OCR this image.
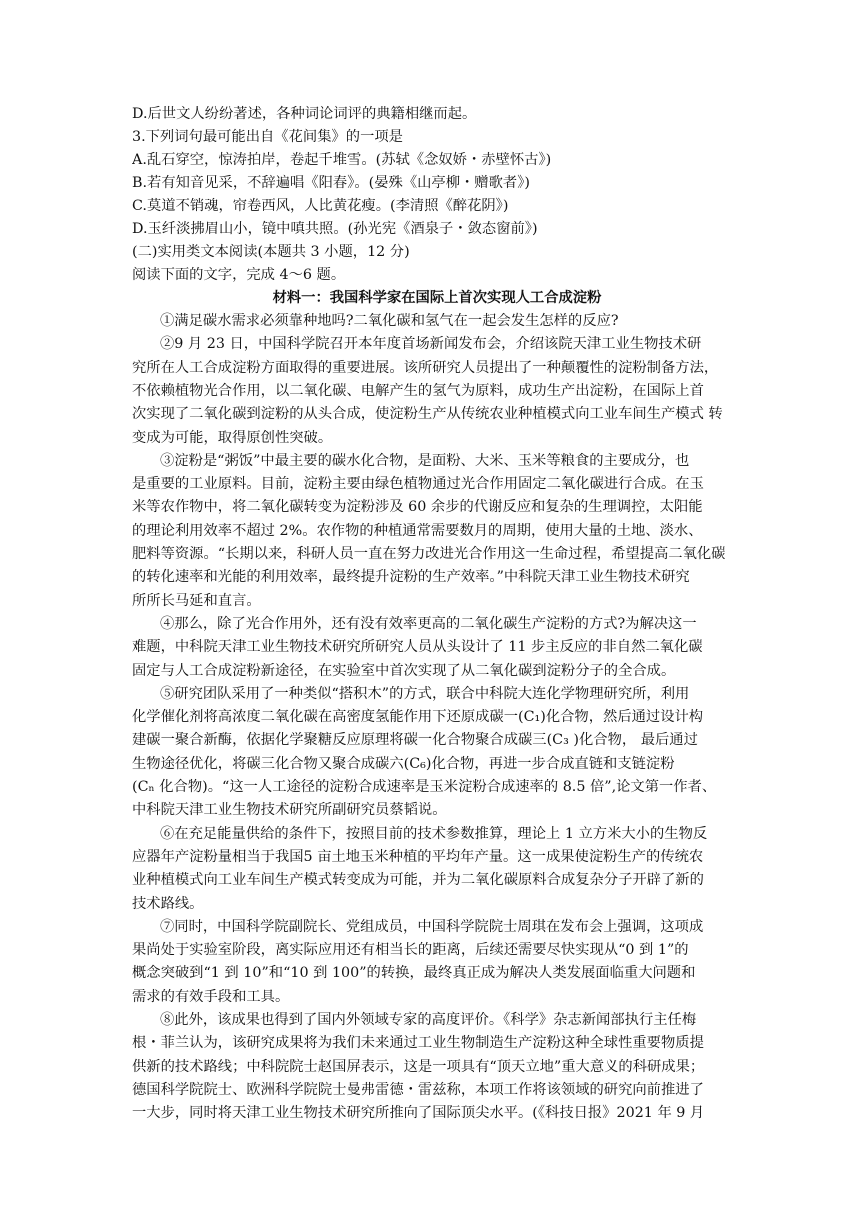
D.后世文人纷纷著述，各种词论词评的典籍相继而起。
3.下列词句最可能出自《花间集》的一项是
A.乱石穿空，惊涛拍岸，卷起千堆雪。(苏轼《念奴娇・赤壁怀古》)
B.若有知音见采，不辞遍唱《阳春》。(晏殊《山亭柳・赠歌者》)
C.莫道不销魂，帘卷西风，人比黄花瘦。(李清照《醉花阴》)
D.玉纤淡拂眉山小，镜中嗔共照。(孙光宪《酒泉子・敛态窗前》)
(二)实用类文本阅读(本题共 3 小题，12 分)
阅读下面的文字，完成 4～6 题。
材料一：我国科学家在国际上首次实现人工合成淀粉
①满足碳水需求必须靠种地吗?二氧化碳和氢气在一起会发生怎样的反应?
②9 月 23 日，中国科学院召开本年度首场新闻发布会，介绍该院天津工业生物技术研
究所在人工合成淀粉方面取得的重要进展。该所研究人员提出了一种颠覆性的淀粉制备方法，
不依赖植物光合作用，以二氧化碳、电解产生的氢气为原料，成功生产出淀粉，在国际上首
次实现了二氧化碳到淀粉的从头合成，使淀粉生产从传统农业种植模式向工业车间生产模式 转
变成为可能，取得原创性突破。
③淀粉是“粥饭”中最主要的碳水化合物，是面粉、大米、玉米等粮食的主要成分，也
是重要的工业原料。目前，淀粉主要由绿色植物通过光合作用固定二氧化碳进行合成。在玉
米等农作物中，将二氧化碳转变为淀粉涉及 60 余步的代谢反应和复杂的生理调控，太阳能
的理论利用效率不超过 2%。农作物的种植通常需要数月的周期，使用大量的土地、淡水、
肥料等资源。“长期以来，科研人员一直在努力改进光合作用这一生命过程，希望提高二氧化碳
的转化速率和光能的利用效率，最终提升淀粉的生产效率。”中科院天津工业生物技术研究
所所长马延和直言。
④那么，除了光合作用外，还有没有效率更高的二氧化碳生产淀粉的方式?为解决这一
难题，中科院天津工业生物技术研究所研究人员从头设计了 11 步主反应的非自然二氧化碳
固定与人工合成淀粉新途径，在实验室中首次实现了从二氧化碳到淀粉分子的全合成。
⑤研究团队采用了一种类似“搭积木”的方式，联合中科院大连化学物理研究所，利用
化学催化剂将高浓度二氧化碳在高密度氢能作用下还原成碳一(C₁)化合物，然后通过设计构
建碳一聚合新酶，依据化学聚糖反应原理将碳一化合物聚合成碳三(C₃ )化合物， 最后通过
生物途径优化，将碳三化合物又聚合成碳六(C₆)化合物，再进一步合成直链和支链淀粉
(Cₙ 化合物)。“这一人工途径的淀粉合成速率是玉米淀粉合成速率的 8.5 倍”,论文第一作者、
中科院天津工业生物技术研究所副研究员蔡韬说。
⑥在充足能量供给的条件下，按照目前的技术参数推算，理论上 1 立方米大小的生物反
应器年产淀粉量相当于我国5 亩土地玉米种植的平均年产量。这一成果使淀粉生产的传统农
业种植模式向工业车间生产模式转变成为可能，并为二氧化碳原料合成复杂分子开辟了新的
技术路线。
⑦同时，中国科学院副院长、党组成员，中国科学院院士周琪在发布会上强调，这项成
果尚处于实验室阶段，离实际应用还有相当长的距离，后续还需要尽快实现从“0 到 1”的
概念突破到“1 到 10”和“10 到 100”的转换，最终真正成为解决人类发展面临重大问题和
需求的有效手段和工具。
⑧此外，该成果也得到了国内外领域专家的高度评价。《科学》杂志新闻部执行主任梅
根・菲兰认为，该研究成果将为我们未来通过工业生物制造生产淀粉这种全球性重要物质提
供新的技术路线；中科院院士赵国屏表示，这是一项具有“顶天立地”重大意义的科研成果；
德国科学院院士、欧洲科学院院士曼弗雷德・雷兹称，本项工作将该领域的研究向前推进了
一大步，同时将天津工业生物技术研究所推向了国际顶尖水平。(《科技日报》2021 年 9 月
